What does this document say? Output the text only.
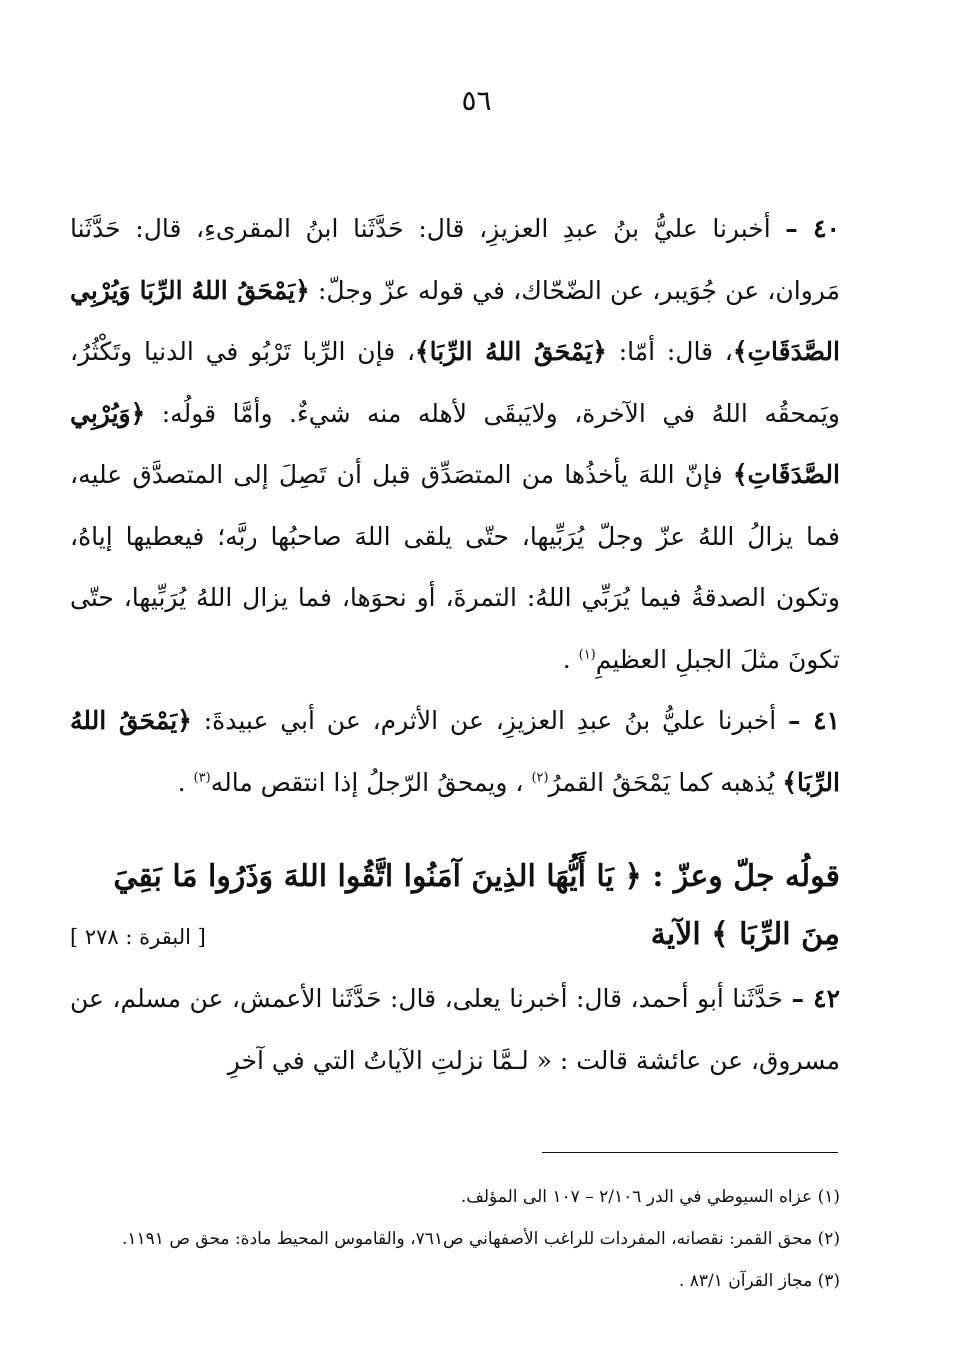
٥٦

٤٠ – أخبرنا عليُّ بنُ عبدِ العزيزِ، قال: حَدَّثَنا ابنُ المقرىءِ، قال: حَدَّثَنا مَروان، عن جُوَيبر، عن الضّحّاك، في قوله عزّ وجلّ: ﴿يَمْحَقُ اللهُ الرِّبَا وَيُرْبِي الصَّدَقَاتِ﴾، قال: أمّا: ﴿يَمْحَقُ اللهُ الرِّبَا﴾، فإن الرِّبا تَرْبُو في الدنيا وتَكْثُرُ، ويَمحقُه اللهُ في الآخرة، ولايَبقَى لأهله منه شيءٌ. وأمَّا قولُه: ﴿وَيُرْبِي الصَّدَقَاتِ﴾ فإنّ اللهَ يأخذُها من المتصَدِّق قبل أن تَصِلَ إلى المتصدَّق عليه، فما يزالُ اللهُ عزّ وجلّ يُرَبِّيها، حتّى يلقى اللهَ صاحبُها ربَّه؛ فيعطيها إياهُ، وتكون الصدقةُ فيما يُرَبِّي اللهُ: التمرةَ، أو نحوَها، فما يزال اللهُ يُرَبِّيها، حتّى تكونَ مثلَ الجبلِ العظيمِ$^{(١)}$ .

٤١ – أخبرنا عليُّ بنُ عبدِ العزيزِ، عن الأثرم، عن أبي عبيدةَ: ﴿يَمْحَقُ اللهُ الرِّبَا﴾ يُذهبه كما يَمْحَقُ القمرُ$^{(٢)}$ ، ويمحقُ الرّجلُ إذا انتقص ماله$^{(٣)}$ .

قولُه جلّ وعزّ : ﴿ يَا أَيُّهَا الذِينَ آمَنُوا اتَّقُوا اللهَ وَذَرُوا مَا بَقِيَ
مِنَ الرِّبَا ﴾ الآية
[ البقرة : ٢٧٨ ]
٤٢ – حَدَّثَنا أبو أحمد، قال: أخبرنا يعلى، قال: حَدَّثَنا الأعمش، عن مسلم، عن مسروق، عن عائشة قالت : « لـمَّا نزلتِ الآياتُ التي في آخرِ

(١) عزاه السيوطي في الدر ٢/١٠٦ – ١٠٧ الى المؤلف.

(٢) محق القمر: نقصانه، المفردات للراغب الأصفهاني ص٧٦١، والقاموس المحيط مادة: محق ص ١١٩١.

(٣) مجاز القرآن ٨٣/١ .
